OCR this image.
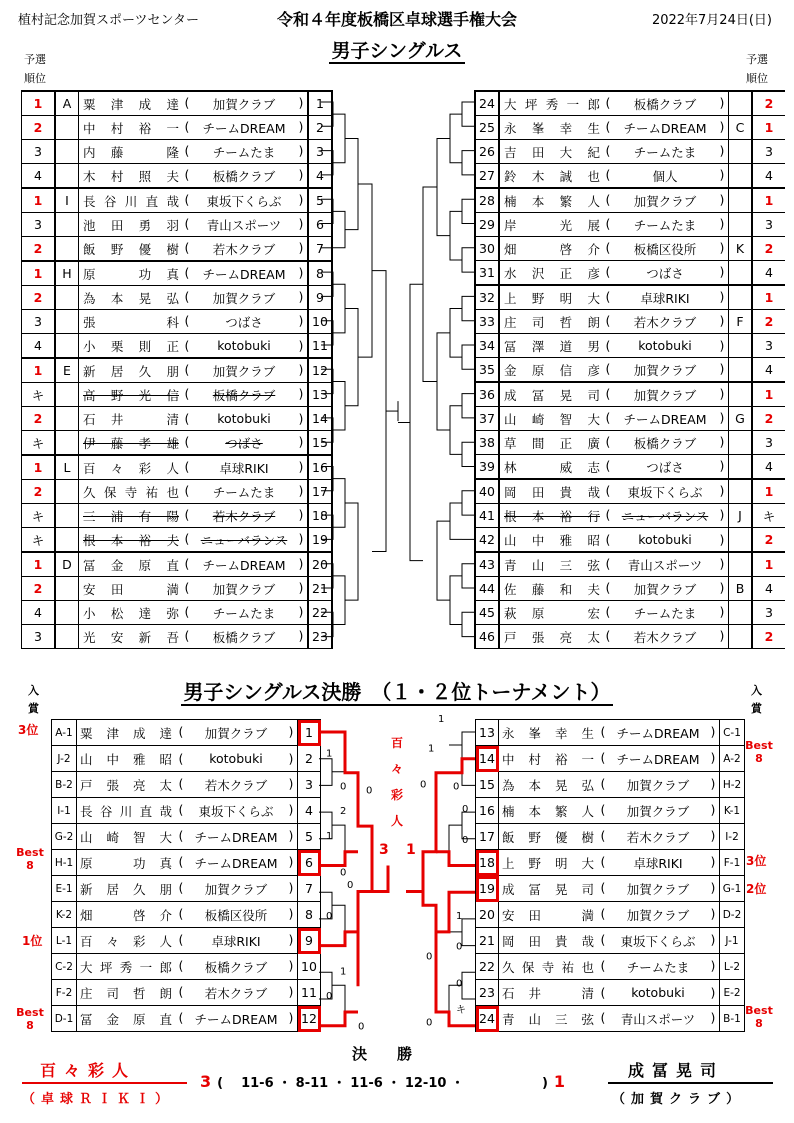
植村記念加賀スポーツセンター	令和４年度板橋区卓球選手権大会	2022年7月24日(日)
男子シングルス
予選
順位
予選
順位
1	A	粟津成達	( 加賀クラブ )	1
2		中村裕一	( チームDREAM )	2
3		内藤　隆	( チームたま )	3
4		木村照夫	( 板橋クラブ )	4
1	I	長谷川直哉	( 東坂下くらぶ )	5
3		池田勇羽	( 青山スポーツ )	6
2		飯野優樹	( 若木クラブ )	7
1	H	原　功真	( チームDREAM )	8
2		為本晃弘	( 加賀クラブ )	9
3		張　科	( つばさ )	10
4		小栗則正	( kotobuki )	11
1	E	新居久朋	( 加賀クラブ )	12
キ		高野光信	( 板橋クラブ )	13
2		石井　清	( kotobuki )	14
キ		伊藤孝雄	( つばさ )	15
1	L	百々彩人	( 卓球RIKI )	16
2		久保寺祐也	( チームたま )	17
キ		三浦有陽	( 若木クラブ )	18
キ		根本裕夫	( ニューバランス )	19
1	D	冨金原直	( チームDREAM )	20
2		安田　満	( 加賀クラブ )	21
4		小松達弥	( チームたま )	22
3		光安新吾	( 板橋クラブ )	23
24	大坪秀一郎	( 板橋クラブ )		2
25	永峯幸生	( チームDREAM )	C	1
26	吉田大紀	( チームたま )		3
27	鈴木誠也	( 個人 )		4
28	楠本繁人	( 加賀クラブ )		1
29	岸　光展	( チームたま )		3
30	畑　啓介	( 板橋区役所 )	K	2
31	水沢正彦	( つばさ )		4
32	上野明大	( 卓球RIKI )		1
33	庄司哲朗	( 若木クラブ )	F	2
34	冨澤道男	( kotobuki )		3
35	金原信彦	( 加賀クラブ )		4
36	成冨晃司	( 加賀クラブ )		1
37	山崎智大	( チームDREAM )	G	2
38	草間正廣	( 板橋クラブ )		3
39	林　威志	( つばさ )		4
40	岡田貴哉	( 東坂下くらぶ )		1
41	根本裕行	( ニューバランス )	J	キ
42	山中雅昭	( kotobuki )		2
43	青山三弦	( 青山スポーツ )		1
44	佐藤和夫	( 加賀クラブ )	B	4
45	萩原　宏	( チームたま )		3
46	戸張亮太	( 若木クラブ )		2
男子シングルス決勝　（１・２位トーナメント）
入
賞
入
賞
A-1	粟津成達	( 加賀クラブ )	1
J-2	山中雅昭	( kotobuki )	2
B-2	戸張亮太	( 若木クラブ )	3
I-1	長谷川直哉	( 東坂下くらぶ )	4
G-2	山崎智大	( チームDREAM )	5
H-1	原　功真	( チームDREAM )	6
E-1	新居久朋	( 加賀クラブ )	7
K-2	畑　啓介	( 板橋区役所 )	8
L-1	百々彩人	( 卓球RIKI )	9
C-2	大坪秀一郎	( 板橋クラブ )	10
F-2	庄司哲朗	( 若木クラブ )	11
D-1	冨金原直	( チームDREAM )	12
13	永峯幸生	( チームDREAM )	C-1
14	中村裕一	( チームDREAM )	A-2
15	為本晃弘	( 加賀クラブ )	H-2
16	楠本繁人	( 加賀クラブ )	K-1
17	飯野優樹	( 若木クラブ )	I-2
18	上野明大	( 卓球RIKI )	F-1
19	成冨晃司	( 加賀クラブ )	G-1
20	安田　満	( 加賀クラブ )	D-2
21	岡田貴哉	( 東坂下くらぶ )	J-1
22	久保寺祐也	( チームたま )	L-2
23	石井　清	( kotobuki )	E-2
24	青山三弦	( 青山スポーツ )	B-1
1
0 0
2
1
0
0
0
1
0
0
1
1
0	0
0
0
1
0
0
0
キ
0
3位
Best
8
1位
Best
8
Best
8
3位
2位
Best
8
百
々
彩
人
3 1
決　　勝
百々彩人
（卓球ＲＩＫＩ）
成冨晃司
（加賀クラブ）
3 ( 11-6 ・ 8-11 ・ 11-6 ・ 12-10 ・	) 1
